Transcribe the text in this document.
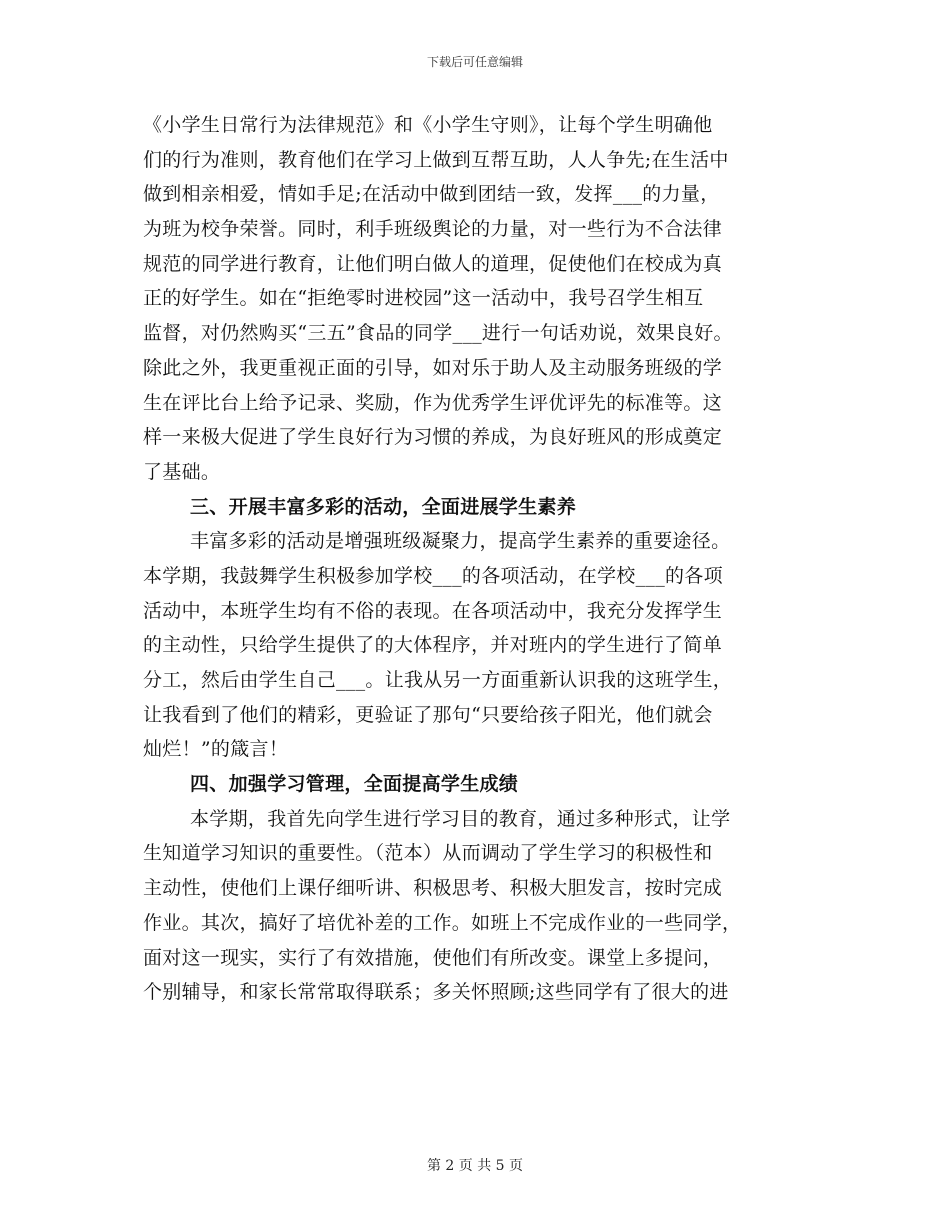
下载后可任意编辑
《小学生日常行为法律规范》和《小学生守则》，让每个学生明确他
们的行为准则，教育他们在学习上做到互帮互助，人人争先;在生活中
做到相亲相爱，情如手足;在活动中做到团结一致，发挥___的力量，
为班为校争荣誉。同时，利手班级舆论的力量，对一些行为不合法律
规范的同学进行教育，让他们明白做人的道理，促使他们在校成为真
正的好学生。如在“拒绝零时进校园”这一活动中，我号召学生相互
监督，对仍然购买“三五”食品的同学___进行一句话劝说，效果良好。
除此之外，我更重视正面的引导，如对乐于助人及主动服务班级的学
生在评比台上给予记录、奖励，作为优秀学生评优评先的标准等。这
样一来极大促进了学生良好行为习惯的养成，为良好班风的形成奠定
了基础。
三、开展丰富多彩的活动，全面进展学生素养
丰富多彩的活动是增强班级凝聚力，提高学生素养的重要途径。
本学期，我鼓舞学生积极参加学校___的各项活动，在学校___的各项
活动中，本班学生均有不俗的表现。在各项活动中，我充分发挥学生
的主动性，只给学生提供了的大体程序，并对班内的学生进行了简单
分工，然后由学生自己___。让我从另一方面重新认识我的这班学生，
让我看到了他们的精彩，更验证了那句“只要给孩子阳光，他们就会
灿烂！”的箴言！
四、加强学习管理，全面提高学生成绩
本学期，我首先向学生进行学习目的教育，通过多种形式，让学
生知道学习知识的重要性。（范本）从而调动了学生学习的积极性和
主动性，使他们上课仔细听讲、积极思考、积极大胆发言，按时完成
作业。其次，搞好了培优补差的工作。如班上不完成作业的一些同学，
面对这一现实，实行了有效措施，使他们有所改变。课堂上多提问，
个别辅导，和家长常常取得联系；多关怀照顾;这些同学有了很大的进
第 2 页 共 5 页
